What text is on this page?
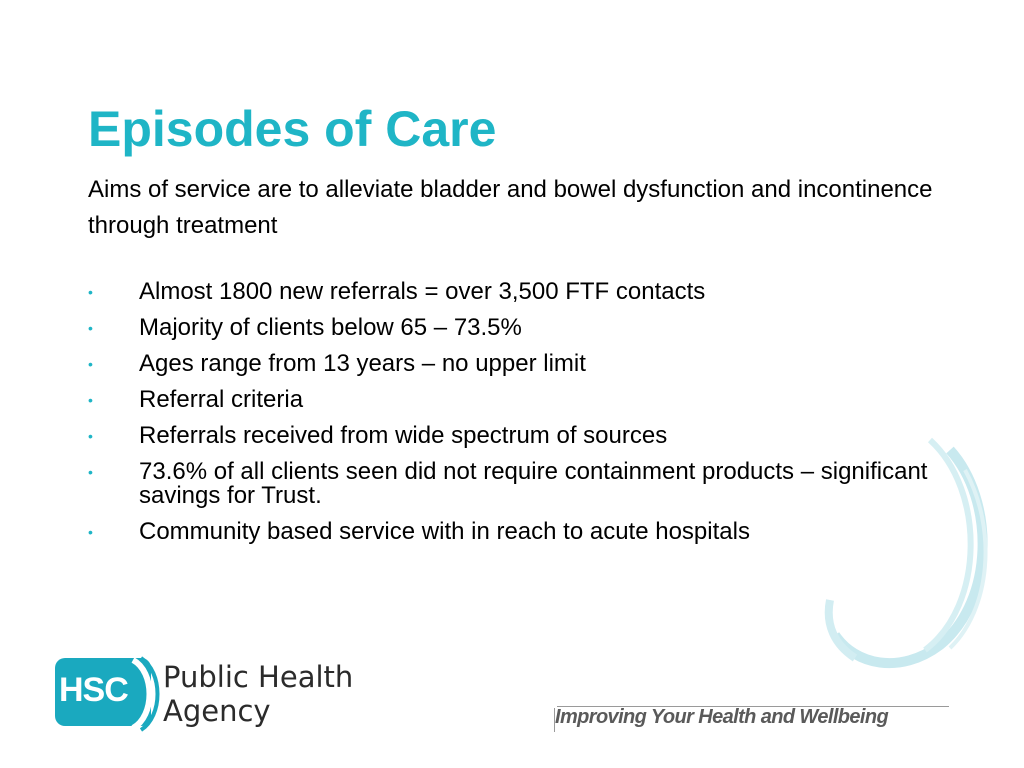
Episodes of Care

Aims of service are to alleviate bladder and bowel dysfunction and incontinence through treatment

• Almost 1800 new referrals = over 3,500 FTF contacts
• Majority of clients below 65 – 73.5%
• Ages range from 13 years – no upper limit
• Referral criteria
• Referrals received from wide spectrum of sources
• 73.6% of all clients seen did not require containment products – significant savings for Trust.
• Community based service with in reach to acute hospitals
HSC Public Health
Agency	Improving Your Health and Wellbeing
